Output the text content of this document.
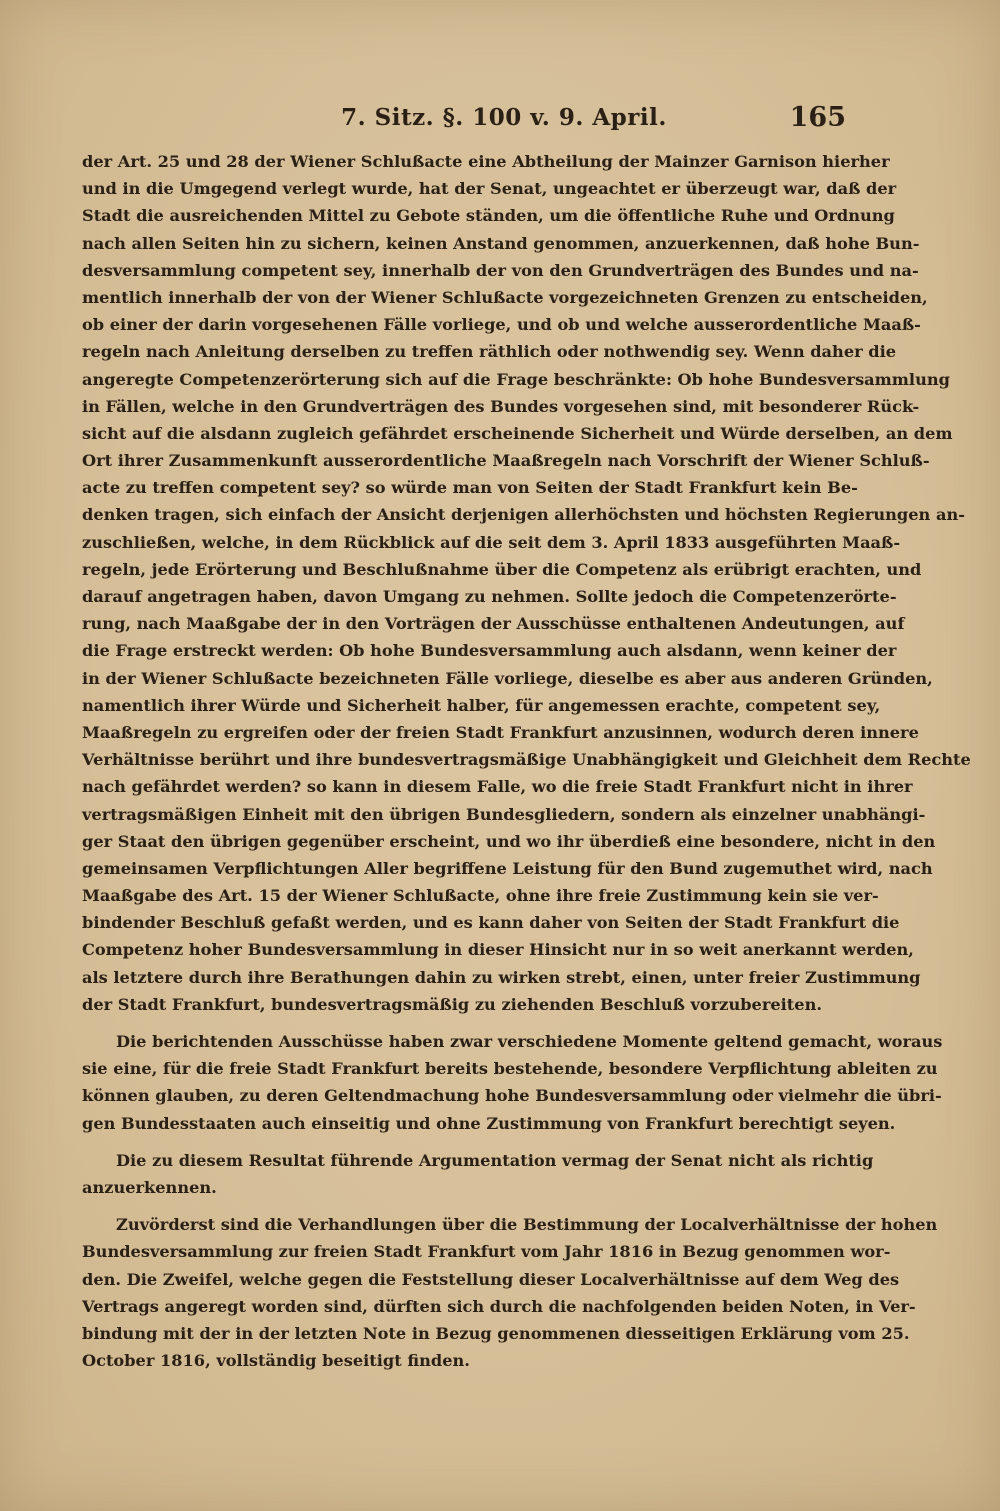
7. Sitz. §. 100 v. 9. April.	165
der Art. 25 und 28 der Wiener Schlußacte eine Abtheilung der Mainzer Garnison hierher
und in die Umgegend verlegt wurde, hat der Senat, ungeachtet er überzeugt war, daß der
Stadt die ausreichenden Mittel zu Gebote ständen, um die öffentliche Ruhe und Ordnung
nach allen Seiten hin zu sichern, keinen Anstand genommen, anzuerkennen, daß hohe Bun-
desversammlung competent sey, innerhalb der von den Grundverträgen des Bundes und na-
mentlich innerhalb der von der Wiener Schlußacte vorgezeichneten Grenzen zu entscheiden,
ob einer der darin vorgesehenen Fälle vorliege, und ob und welche ausserordentliche Maaß-
regeln nach Anleitung derselben zu treffen räthlich oder nothwendig sey. Wenn daher die
angeregte Competenzerörterung sich auf die Frage beschränkte: Ob hohe Bundesversammlung
in Fällen, welche in den Grundverträgen des Bundes vorgesehen sind, mit besonderer Rück-
sicht auf die alsdann zugleich gefährdet erscheinende Sicherheit und Würde derselben, an dem
Ort ihrer Zusammenkunft ausserordentliche Maaßregeln nach Vorschrift der Wiener Schluß-
acte zu treffen competent sey? so würde man von Seiten der Stadt Frankfurt kein Be-
denken tragen, sich einfach der Ansicht derjenigen allerhöchsten und höchsten Regierungen an-
zuschließen, welche, in dem Rückblick auf die seit dem 3. April 1833 ausgeführten Maaß-
regeln, jede Erörterung und Beschlußnahme über die Competenz als erübrigt erachten, und
darauf angetragen haben, davon Umgang zu nehmen. Sollte jedoch die Competenzerörte-
rung, nach Maaßgabe der in den Vorträgen der Ausschüsse enthaltenen Andeutungen, auf
die Frage erstreckt werden: Ob hohe Bundesversammlung auch alsdann, wenn keiner der
in der Wiener Schlußacte bezeichneten Fälle vorliege, dieselbe es aber aus anderen Gründen,
namentlich ihrer Würde und Sicherheit halber, für angemessen erachte, competent sey,
Maaßregeln zu ergreifen oder der freien Stadt Frankfurt anzusinnen, wodurch deren innere
Verhältnisse berührt und ihre bundesvertragsmäßige Unabhängigkeit und Gleichheit dem Rechte
nach gefährdet werden? so kann in diesem Falle, wo die freie Stadt Frankfurt nicht in ihrer
vertragsmäßigen Einheit mit den übrigen Bundesgliedern, sondern als einzelner unabhängi-
ger Staat den übrigen gegenüber erscheint, und wo ihr überdieß eine besondere, nicht in den
gemeinsamen Verpflichtungen Aller begriffene Leistung für den Bund zugemuthet wird, nach
Maaßgabe des Art. 15 der Wiener Schlußacte, ohne ihre freie Zustimmung kein sie ver-
bindender Beschluß gefaßt werden, und es kann daher von Seiten der Stadt Frankfurt die
Competenz hoher Bundesversammlung in dieser Hinsicht nur in so weit anerkannt werden,
als letztere durch ihre Berathungen dahin zu wirken strebt, einen, unter freier Zustimmung
der Stadt Frankfurt, bundesvertragsmäßig zu ziehenden Beschluß vorzubereiten.
Die berichtenden Ausschüsse haben zwar verschiedene Momente geltend gemacht, woraus
sie eine, für die freie Stadt Frankfurt bereits bestehende, besondere Verpflichtung ableiten zu
können glauben, zu deren Geltendmachung hohe Bundesversammlung oder vielmehr die übri-
gen Bundesstaaten auch einseitig und ohne Zustimmung von Frankfurt berechtigt seyen.
Die zu diesem Resultat führende Argumentation vermag der Senat nicht als richtig
anzuerkennen.
Zuvörderst sind die Verhandlungen über die Bestimmung der Localverhältnisse der hohen
Bundesversammlung zur freien Stadt Frankfurt vom Jahr 1816 in Bezug genommen wor-
den. Die Zweifel, welche gegen die Feststellung dieser Localverhältnisse auf dem Weg des
Vertrags angeregt worden sind, dürften sich durch die nachfolgenden beiden Noten, in Ver-
bindung mit der in der letzten Note in Bezug genommenen diesseitigen Erklärung vom 25.
October 1816, vollständig beseitigt finden.
